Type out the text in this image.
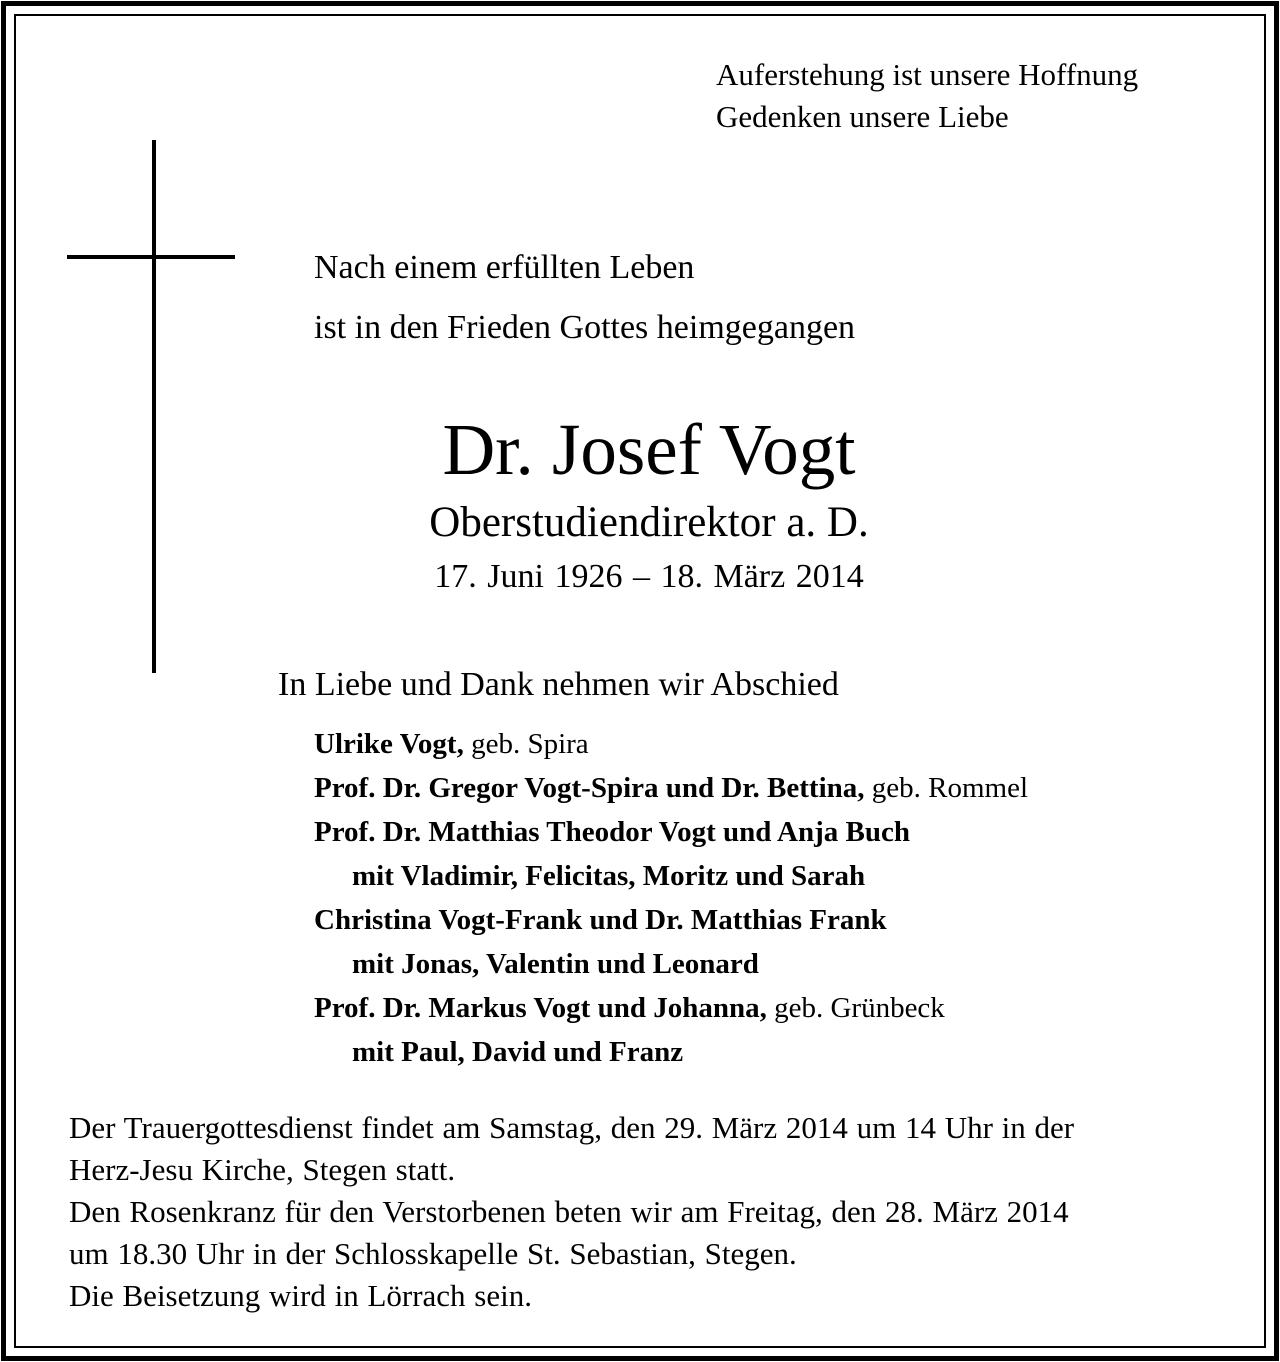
Auferstehung ist unsere Hoffnung
Gedenken unsere Liebe
Nach einem erfüllten Leben
ist in den Frieden Gottes heimgegangen
Dr. Josef Vogt
Oberstudiendirektor a. D.
17. Juni 1926 – 18. März 2014
In Liebe und Dank nehmen wir Abschied
Ulrike Vogt, geb. Spira
Prof. Dr. Gregor Vogt-Spira und Dr. Bettina, geb. Rommel
Prof. Dr. Matthias Theodor Vogt und Anja Buch
mit Vladimir, Felicitas, Moritz und Sarah
Christina Vogt-Frank und Dr. Matthias Frank
mit Jonas, Valentin und Leonard
Prof. Dr. Markus Vogt und Johanna, geb. Grünbeck
mit Paul, David und Franz
Der Trauergottesdienst findet am Samstag, den 29. März 2014 um 14 Uhr in der
Herz-Jesu Kirche, Stegen statt.
Den Rosenkranz für den Verstorbenen beten wir am Freitag, den 28. März 2014
um 18.30 Uhr in der Schlosskapelle St. Sebastian, Stegen.
Die Beisetzung wird in Lörrach sein.
